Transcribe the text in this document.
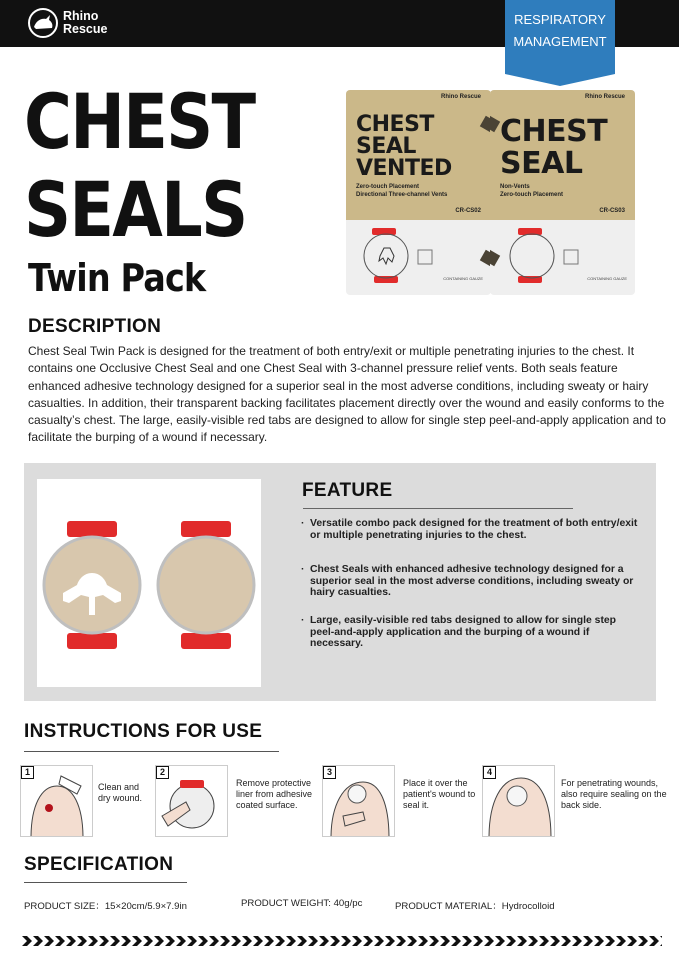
Rhino
Rescue
RESPIRATORY
MANAGEMENT
CHEST
SEALS
Twin Pack
Rhino Rescue
CHEST
SEAL
VENTED
Zero-touch Placement
Directional Three-channel Vents
CR-CS02
CONTAINING GAUZE
Rhino Rescue
CHEST
SEAL
Non-Vents
Zero-touch Placement
CR-CS03
CONTAINING GAUZE
DESCRIPTION
Chest Seal Twin Pack is designed for the treatment of both entry/exit or multiple penetrating injuries to the chest. It contains one Occlusive Chest Seal and one Chest Seal with 3-channel pressure relief vents. Both seals feature enhanced adhesive technology designed for a superior seal in the most adverse conditions, including sweaty or hairy casualties. In addition, their transparent backing facilitates placement directly over the wound and easily conforms to the casualty’s chest. The large, easily-visible red tabs are designed to allow for single step peel-and-apply application and to facilitate the burping of a wound if necessary.
FEATURE
· Versatile combo pack designed for the treatment of both entry/exit or multiple penetrating injuries to the chest.
· Chest Seals with enhanced adhesive technology designed for a superior seal in the most adverse conditions, including sweaty or hairy casualties.
· Large, easily-visible red tabs designed to allow for single step peel-and-apply application and the burping of a wound if necessary.
INSTRUCTIONS FOR USE
1
Clean and dry wound.
2
Remove protective liner from adhesive coated surface.
3
Place it over the patient's wound to seal it.
4
For penetrating wounds, also require sealing on the back side.
SPECIFICATION
PRODUCT SIZE：15×20cm/5.9×7.9in	PRODUCT WEIGHT: 40g/pc	PRODUCT MATERIAL：Hydrocolloid
